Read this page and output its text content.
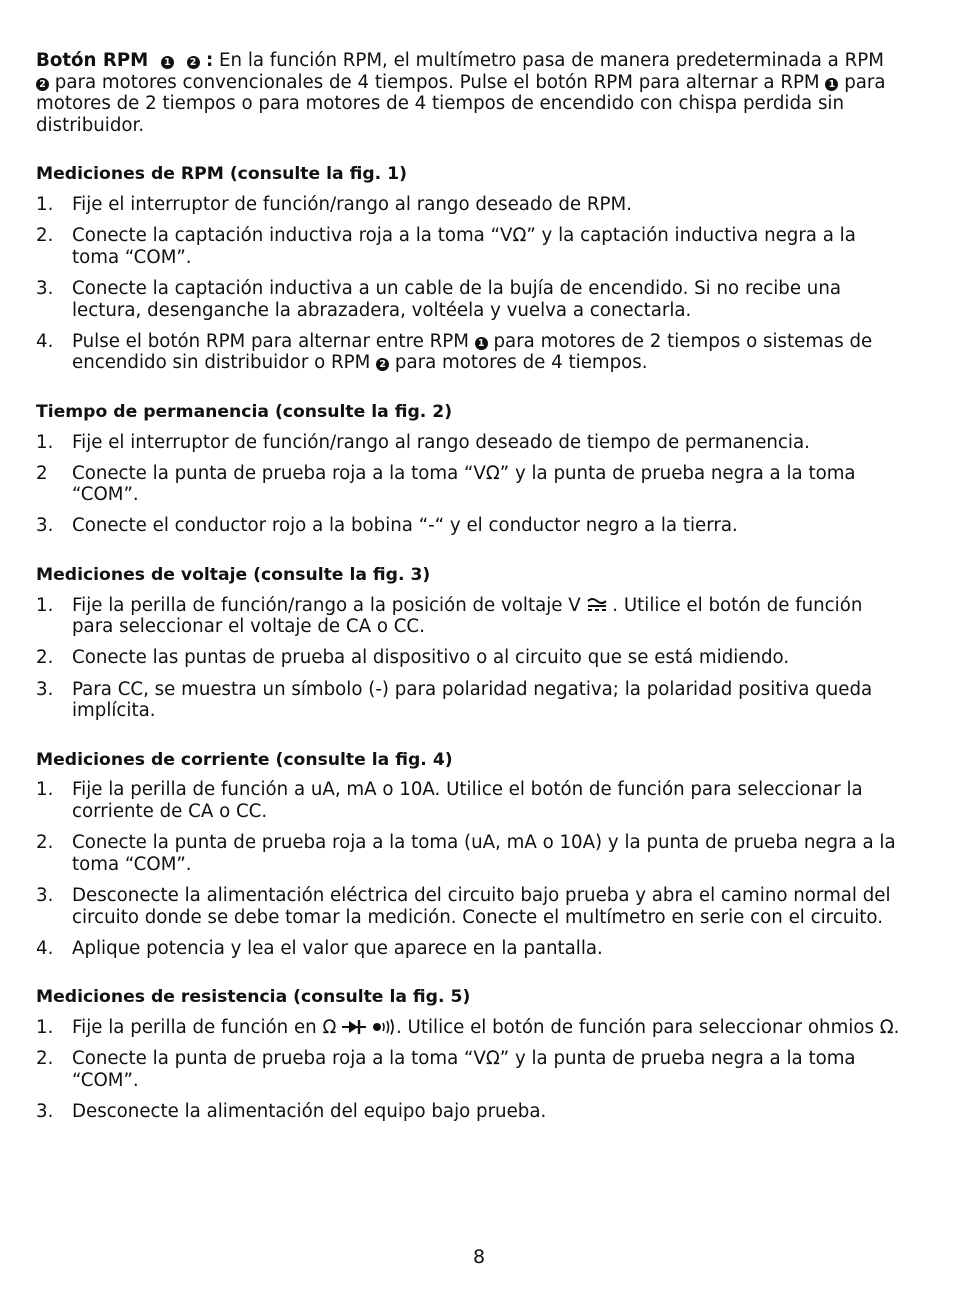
Botón RPM 1 2 : En la función RPM, el multímetro pasa de manera predeterminada a RPM 2 para motores convencionales de 4 tiempos. Pulse el botón RPM para alternar a RPM 1 para motores de 2 tiempos o para motores de 4 tiempos de encendido con chispa perdida sin distribuidor.

Mediciones de RPM (consulte la fig. 1)
1. Fije el interruptor de función/rango al rango deseado de RPM.
2. Conecte la captación inductiva roja a la toma “VΩ” y la captación inductiva negra a la toma “COM”.
3. Conecte la captación inductiva a un cable de la bujía de encendido. Si no recibe una lectura, desenganche la abrazadera, voltéela y vuelva a conectarla.
4. Pulse el botón RPM para alternar entre RPM 1 para motores de 2 tiempos o sistemas de encendido sin distribuidor o RPM 2 para motores de 4 tiempos.
Tiempo de permanencia (consulte la fig. 2)
1. Fije el interruptor de función/rango al rango deseado de tiempo de permanencia.
2 Conecte la punta de prueba roja a la toma “VΩ” y la punta de prueba negra a la toma “COM”.
3. Conecte el conductor rojo a la bobina “-“ y el conductor negro a la tierra.
Mediciones de voltaje (consulte la fig. 3)
1. Fije la perilla de función/rango a la posición de voltaje V . Utilice el botón de función para seleccionar el voltaje de CA o CC.
2. Conecte las puntas de prueba al dispositivo o al circuito que se está midiendo.
3. Para CC, se muestra un símbolo (-) para polaridad negativa; la polaridad positiva queda implícita.
Mediciones de corriente (consulte la fig. 4)
1. Fije la perilla de función a uA, mA o 10A. Utilice el botón de función para seleccionar la corriente de CA o CC.
2. Conecte la punta de prueba roja a la toma (uA, mA o 10A) y la punta de prueba negra a la toma “COM”.
3. Desconecte la alimentación eléctrica del circuito bajo prueba y abra el camino normal del circuito donde se debe tomar la medición. Conecte el multímetro en serie con el circuito.
4. Aplique potencia y lea el valor que aparece en la pantalla.
Mediciones de resistencia (consulte la fig. 5)
1. Fije la perilla de función en Ω	. Utilice el botón de función para seleccionar ohmios Ω.
2. Conecte la punta de prueba roja a la toma “VΩ” y la punta de prueba negra a la toma “COM”.
3. Desconecte la alimentación del equipo bajo prueba.
8
